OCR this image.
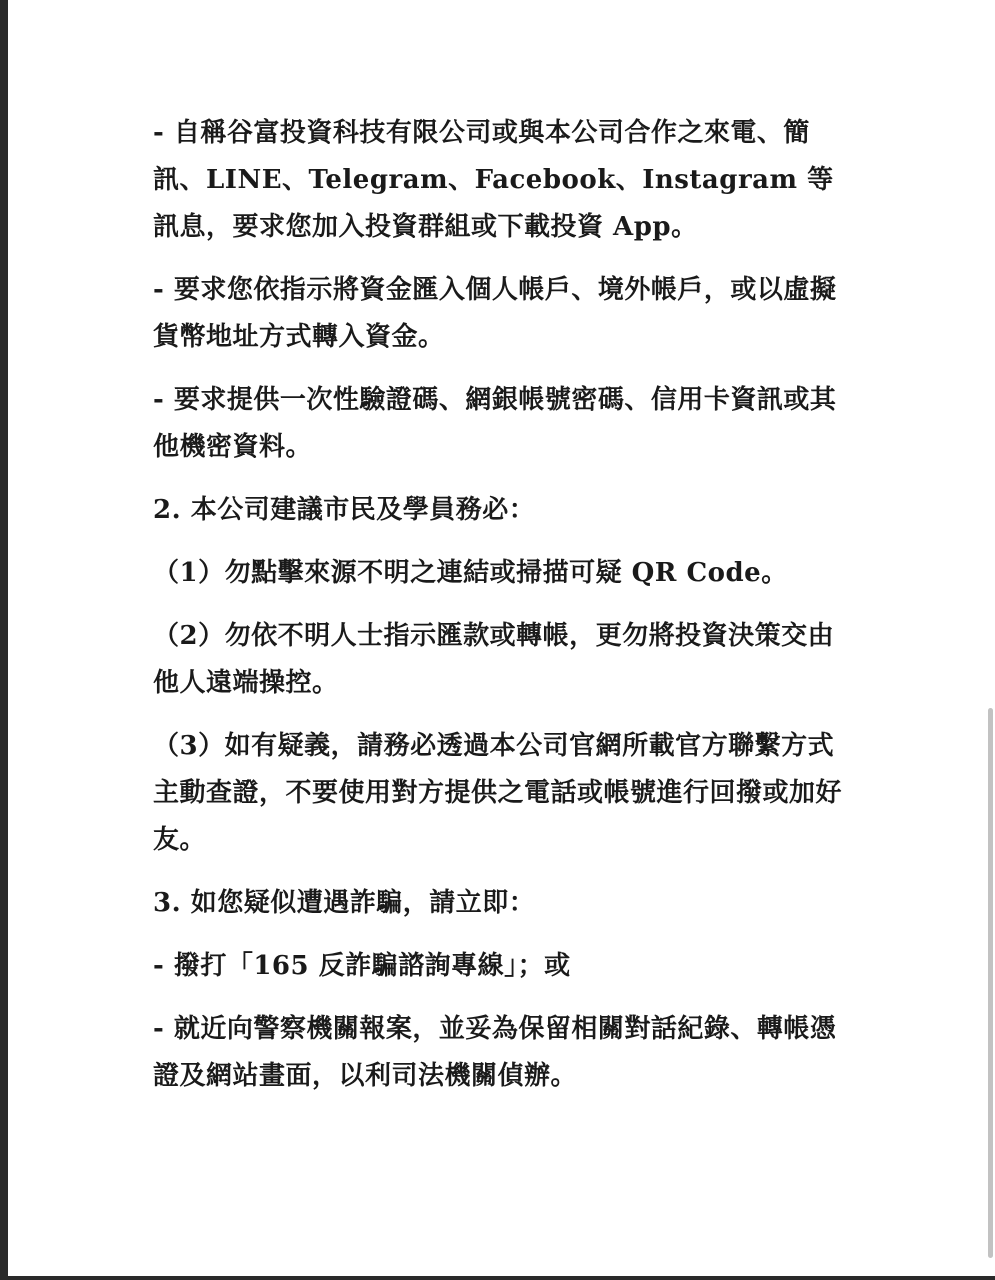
- 自稱谷富投資科技有限公司或與本公司合作之來電、簡訊、LINE、Telegram、Facebook、Instagram 等訊息，要求您加入投資群組或下載投資 App。

- 要求您依指示將資金匯入個人帳戶、境外帳戶，或以虛擬貨幣地址方式轉入資金。

- 要求提供一次性驗證碼、網銀帳號密碼、信用卡資訊或其他機密資料。

2. 本公司建議市民及學員務必：

（1）勿點擊來源不明之連結或掃描可疑 QR Code。

（2）勿依不明人士指示匯款或轉帳，更勿將投資決策交由他人遠端操控。

（3）如有疑義，請務必透過本公司官網所載官方聯繫方式主動查證，不要使用對方提供之電話或帳號進行回撥或加好友。

3. 如您疑似遭遇詐騙，請立即：

- 撥打「165 反詐騙諮詢專線」；或

- 就近向警察機關報案，並妥為保留相關對話紀錄、轉帳憑證及網站畫面，以利司法機關偵辦。
